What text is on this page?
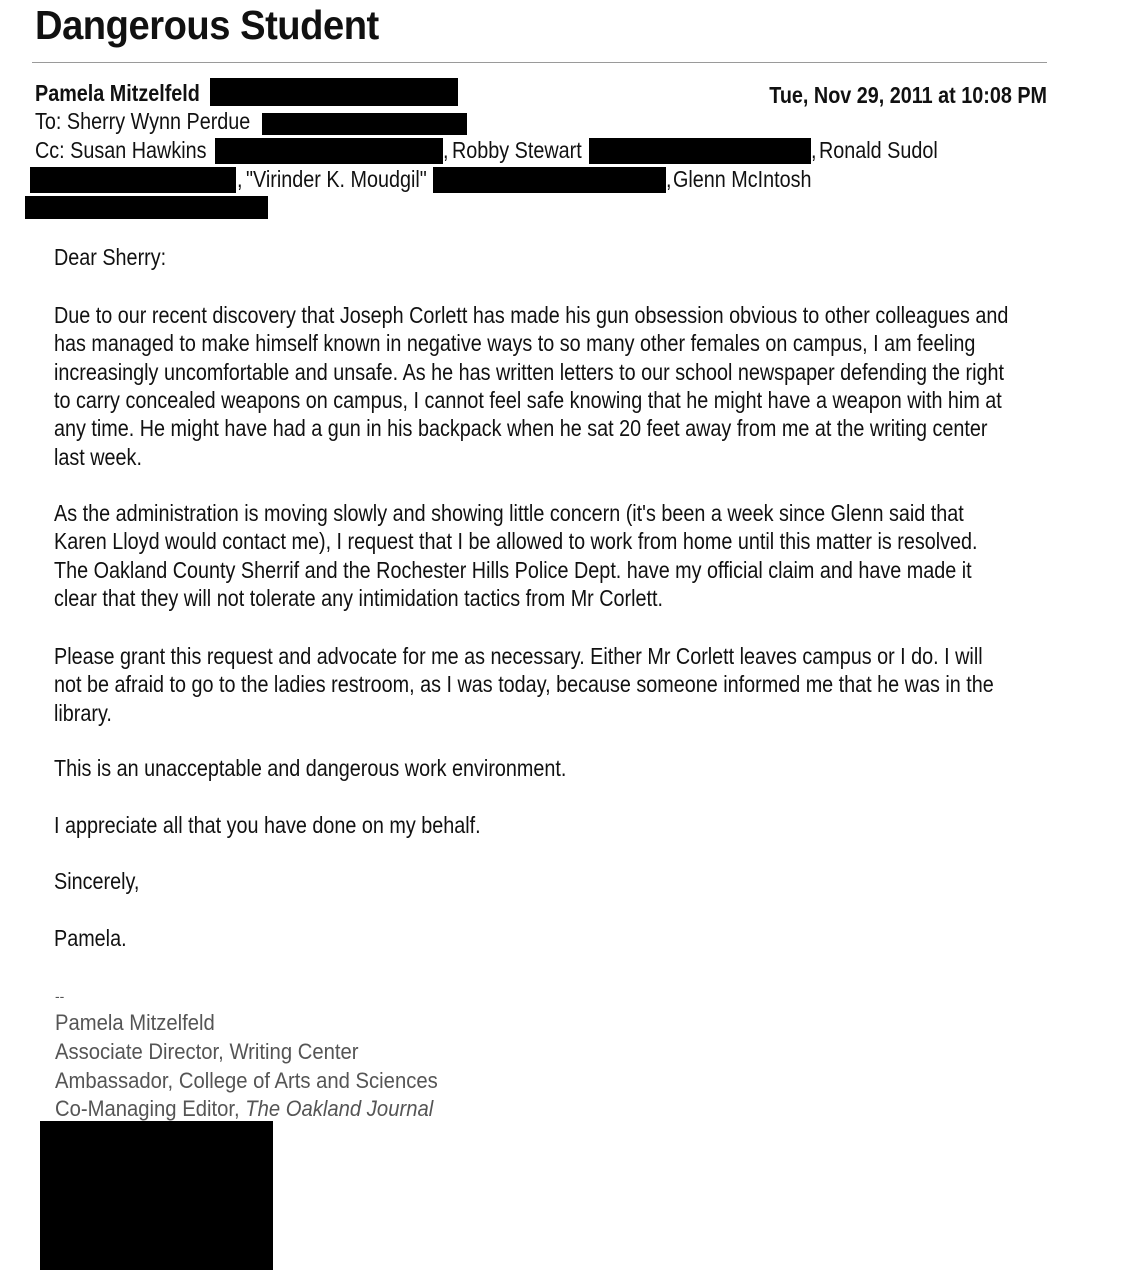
Dangerous Student
Pamela Mitzelfeld	Tue, Nov 29, 2011 at 10:08 PM
To: Sherry Wynn Perdue
Cc: Susan Hawkins	, Robby Stewart	, Ronald Sudol
, "Virinder K. Moudgil"	, Glenn McIntosh
Dear Sherry:
Due to our recent discovery that Joseph Corlett has made his gun obsession obvious to other colleagues and
has managed to make himself known in negative ways to so many other females on campus, I am feeling
increasingly uncomfortable and unsafe. As he has written letters to our school newspaper defending the right
to carry concealed weapons on campus, I cannot feel safe knowing that he might have a weapon with him at
any time. He might have had a gun in his backpack when he sat 20 feet away from me at the writing center
last week.
As the administration is moving slowly and showing little concern (it's been a week since Glenn said that
Karen Lloyd would contact me), I request that I be allowed to work from home until this matter is resolved.
The Oakland County Sherrif and the Rochester Hills Police Dept. have my official claim and have made it
clear that they will not tolerate any intimidation tactics from Mr Corlett.
Please grant this request and advocate for me as necessary. Either Mr Corlett leaves campus or I do. I will
not be afraid to go to the ladies restroom, as I was today, because someone informed me that he was in the
library.
This is an unacceptable and dangerous work environment.
I appreciate all that you have done on my behalf.
Sincerely,
Pamela.
--
Pamela Mitzelfeld
Associate Director, Writing Center
Ambassador, College of Arts and Sciences
Co-Managing Editor, The Oakland Journal
